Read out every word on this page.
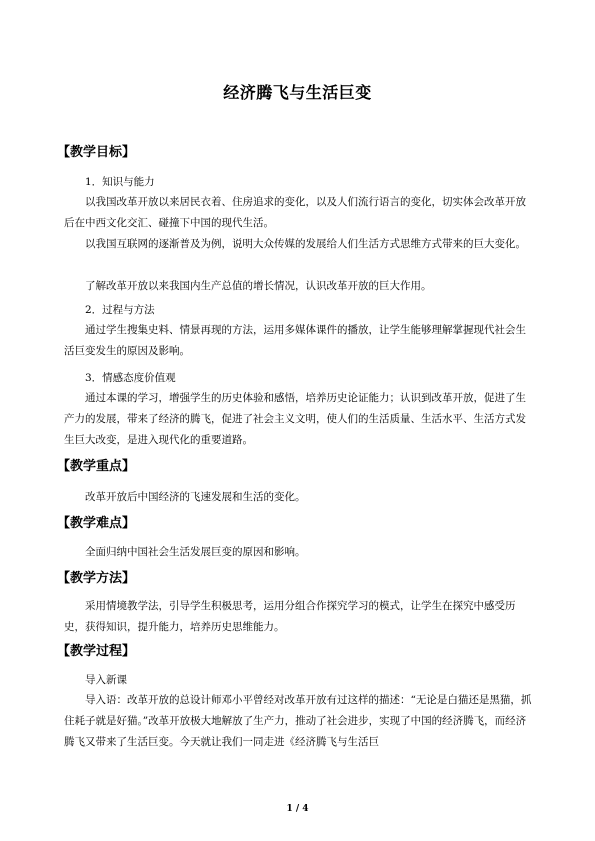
经济腾飞与生活巨变
【教学目标】
1．知识与能力
以我国改革开放以来居民衣着、住房追求的变化，以及人们流行语言的变化，切实体会改革开放后在中西文化交汇、碰撞下中国的现代生活。
以我国互联网的逐渐普及为例，说明大众传媒的发展给人们生活方式思维方式带来的巨大变化。
了解改革开放以来我国内生产总值的增长情况，认识改革开放的巨大作用。
2．过程与方法
通过学生搜集史料、情景再现的方法，运用多媒体课件的播放，让学生能够理解掌握现代社会生活巨变发生的原因及影响。
3．情感态度价值观
通过本课的学习，增强学生的历史体验和感悟，培养历史论证能力；认识到改革开放，促进了生产力的发展，带来了经济的腾飞，促进了社会主义文明，使人们的生活质量、生活水平、生活方式发生巨大改变，是进入现代化的重要道路。
【教学重点】
改革开放后中国经济的飞速发展和生活的变化。
【教学难点】
全面归纳中国社会生活发展巨变的原因和影响。
【教学方法】
采用情境教学法，引导学生积极思考，运用分组合作探究学习的模式，让学生在探究中感受历史，获得知识，提升能力，培养历史思维能力。
【教学过程】
导入新课
导入语：改革开放的总设计师邓小平曾经对改革开放有过这样的描述：“无论是白猫还是黑猫，抓住耗子就是好猫。”改革开放极大地解放了生产力，推动了社会进步，实现了中国的经济腾飞，而经济腾飞又带来了生活巨变。今天就让我们一同走进《经济腾飞与生活巨
1 / 4
